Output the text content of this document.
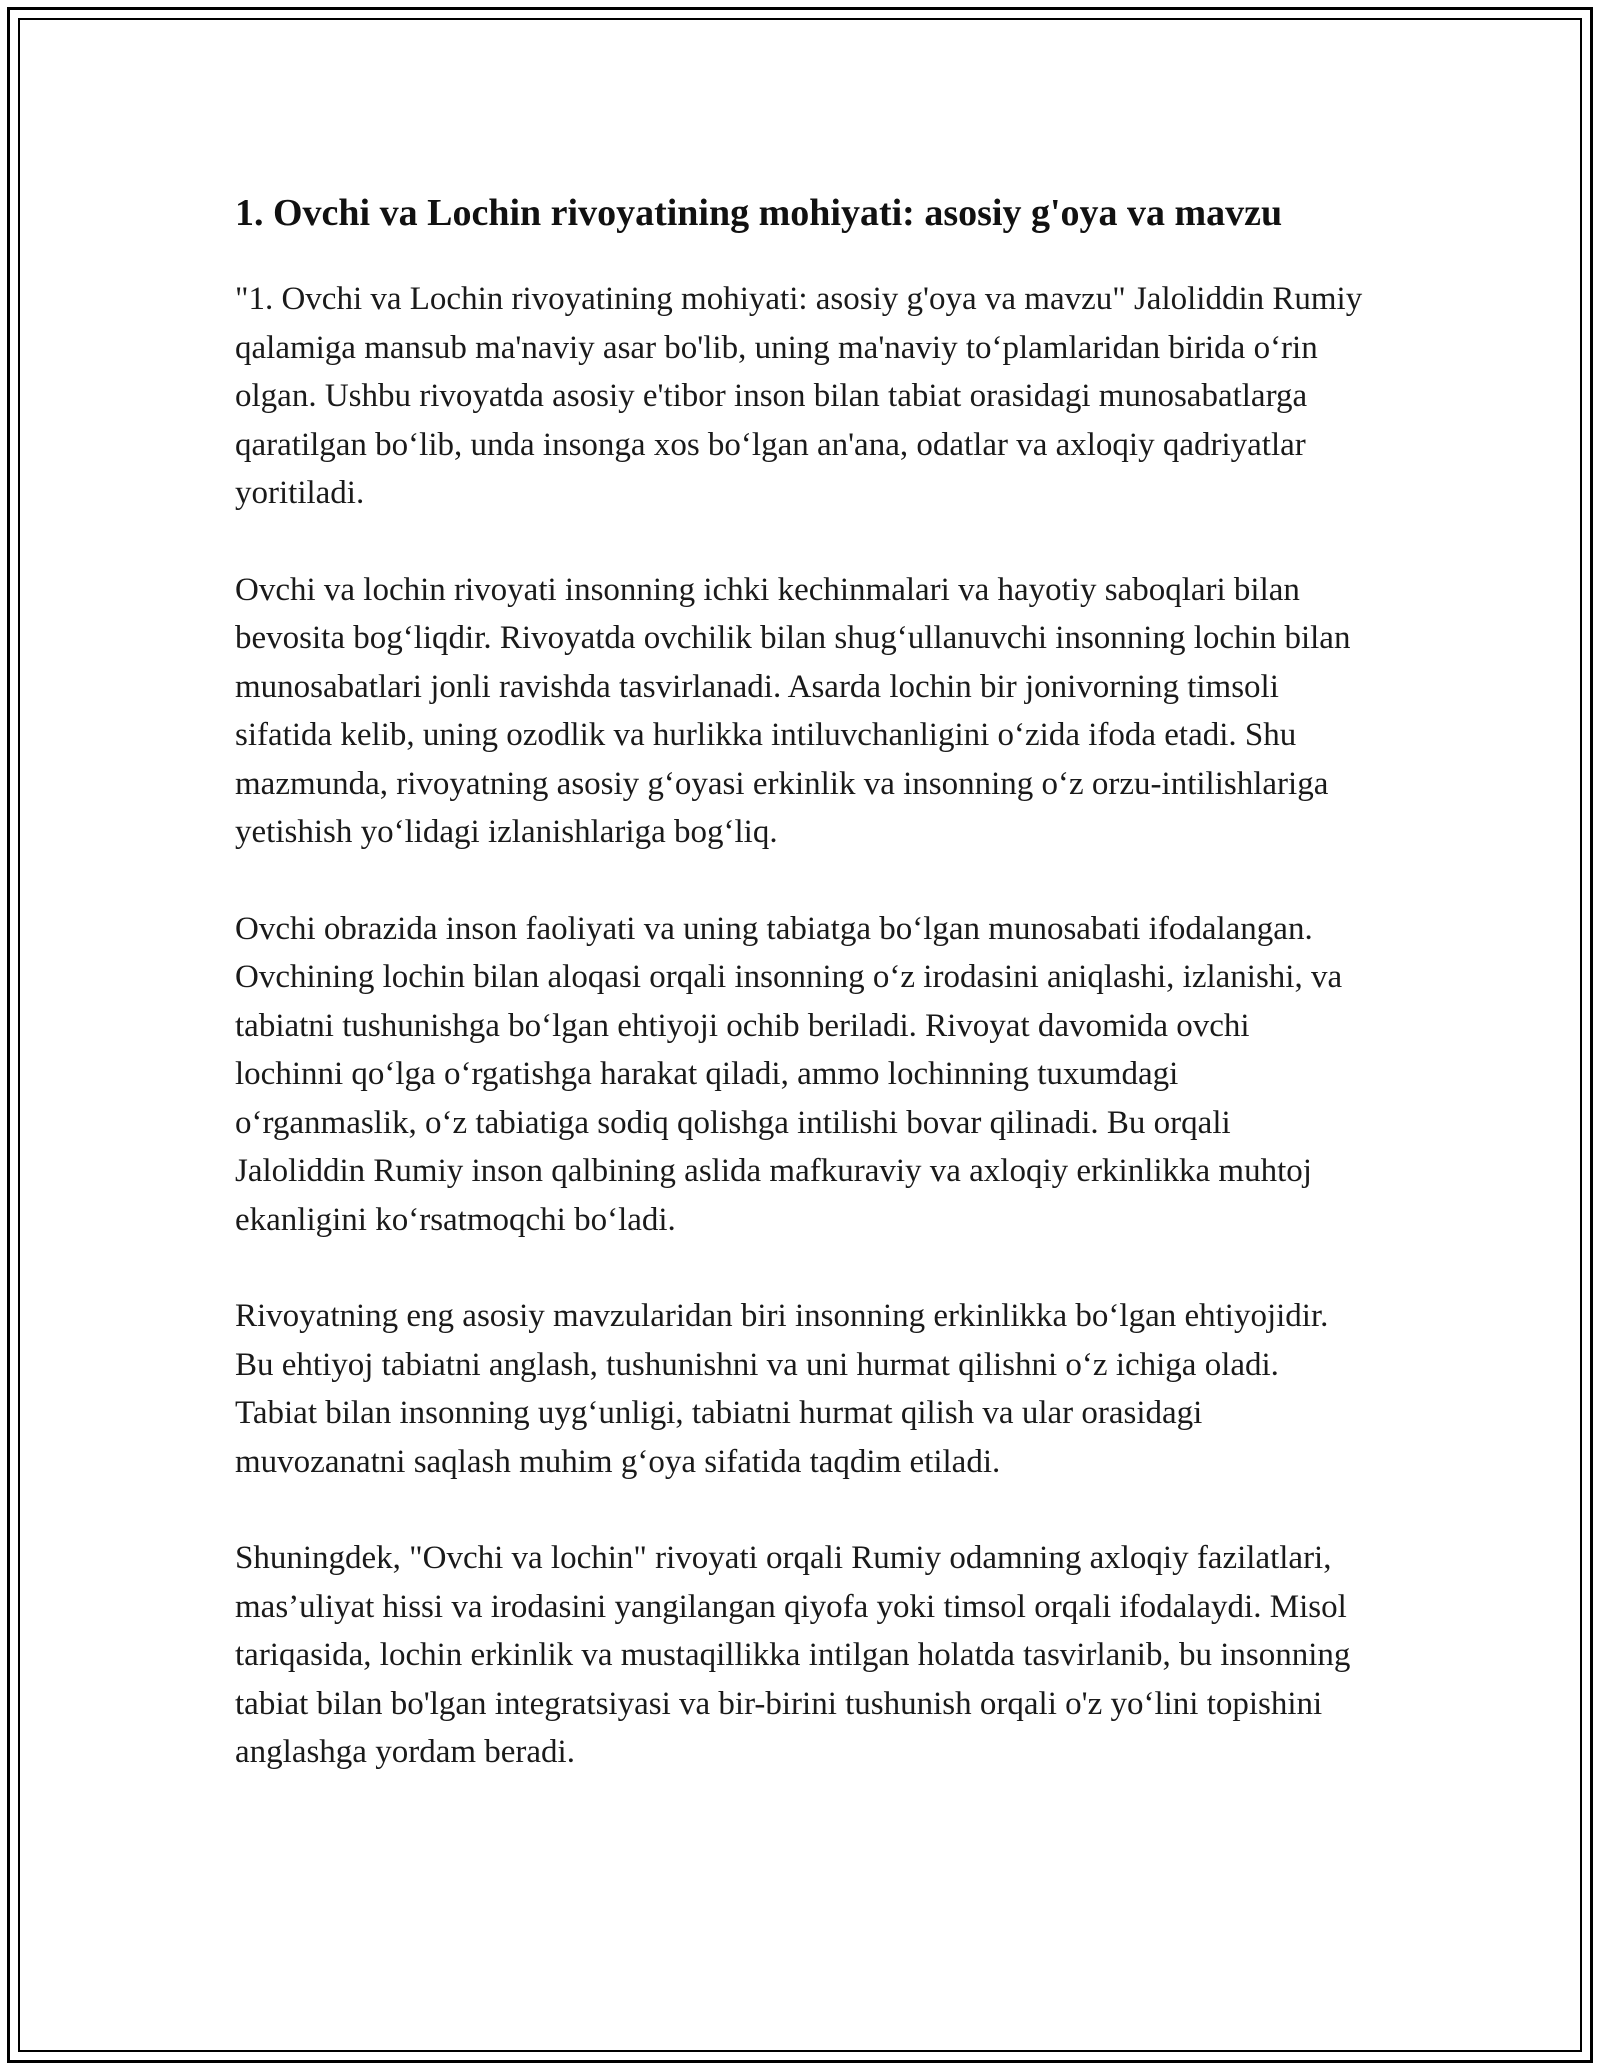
1. Ovchi va Lochin rivoyatining mohiyati: asosiy g'oya va mavzu

"1. Ovchi va Lochin rivoyatining mohiyati: asosiy g'oya va mavzu" Jaloliddin Rumiy qalamiga mansub ma'naviy asar bo'lib, uning ma'naviy to‘plamlaridan birida o‘rin olgan. Ushbu rivoyatda asosiy e'tibor inson bilan tabiat orasidagi munosabatlarga qaratilgan bo‘lib, unda insonga xos bo‘lgan an'ana, odatlar va axloqiy qadriyatlar yoritiladi.

Ovchi va lochin rivoyati insonning ichki kechinmalari va hayotiy saboqlari bilan bevosita bog‘liqdir. Rivoyatda ovchilik bilan shug‘ullanuvchi insonning lochin bilan munosabatlari jonli ravishda tasvirlanadi. Asarda lochin bir jonivorning timsoli sifatida kelib, uning ozodlik va hurlikka intiluvchanligini o‘zida ifoda etadi. Shu mazmunda, rivoyatning asosiy g‘oyasi erkinlik va insonning o‘z orzu-intilishlariga yetishish yo‘lidagi izlanishlariga bog‘liq.

Ovchi obrazida inson faoliyati va uning tabiatga bo‘lgan munosabati ifodalangan. Ovchining lochin bilan aloqasi orqali insonning o‘z irodasini aniqlashi, izlanishi, va tabiatni tushunishga bo‘lgan ehtiyoji ochib beriladi. Rivoyat davomida ovchi lochinni qo‘lga o‘rgatishga harakat qiladi, ammo lochinning tuxumdagi o‘rganmaslik, o‘z tabiatiga sodiq qolishga intilishi bovar qilinadi. Bu orqali Jaloliddin Rumiy inson qalbining aslida mafkuraviy va axloqiy erkinlikka muhtoj ekanligini ko‘rsatmoqchi bo‘ladi.

Rivoyatning eng asosiy mavzularidan biri insonning erkinlikka bo‘lgan ehtiyojidir. Bu ehtiyoj tabiatni anglash, tushunishni va uni hurmat qilishni o‘z ichiga oladi. Tabiat bilan insonning uyg‘unligi, tabiatni hurmat qilish va ular orasidagi muvozanatni saqlash muhim g‘oya sifatida taqdim etiladi.

Shuningdek, "Ovchi va lochin" rivoyati orqali Rumiy odamning axloqiy fazilatlari, mas’uliyat hissi va irodasini yangilangan qiyofa yoki timsol orqali ifodalaydi. Misol tariqasida, lochin erkinlik va mustaqillikka intilgan holatda tasvirlanib, bu insonning tabiat bilan bo'lgan integratsiyasi va bir-birini tushunish orqali o'z yo‘lini topishini anglashga yordam beradi.
